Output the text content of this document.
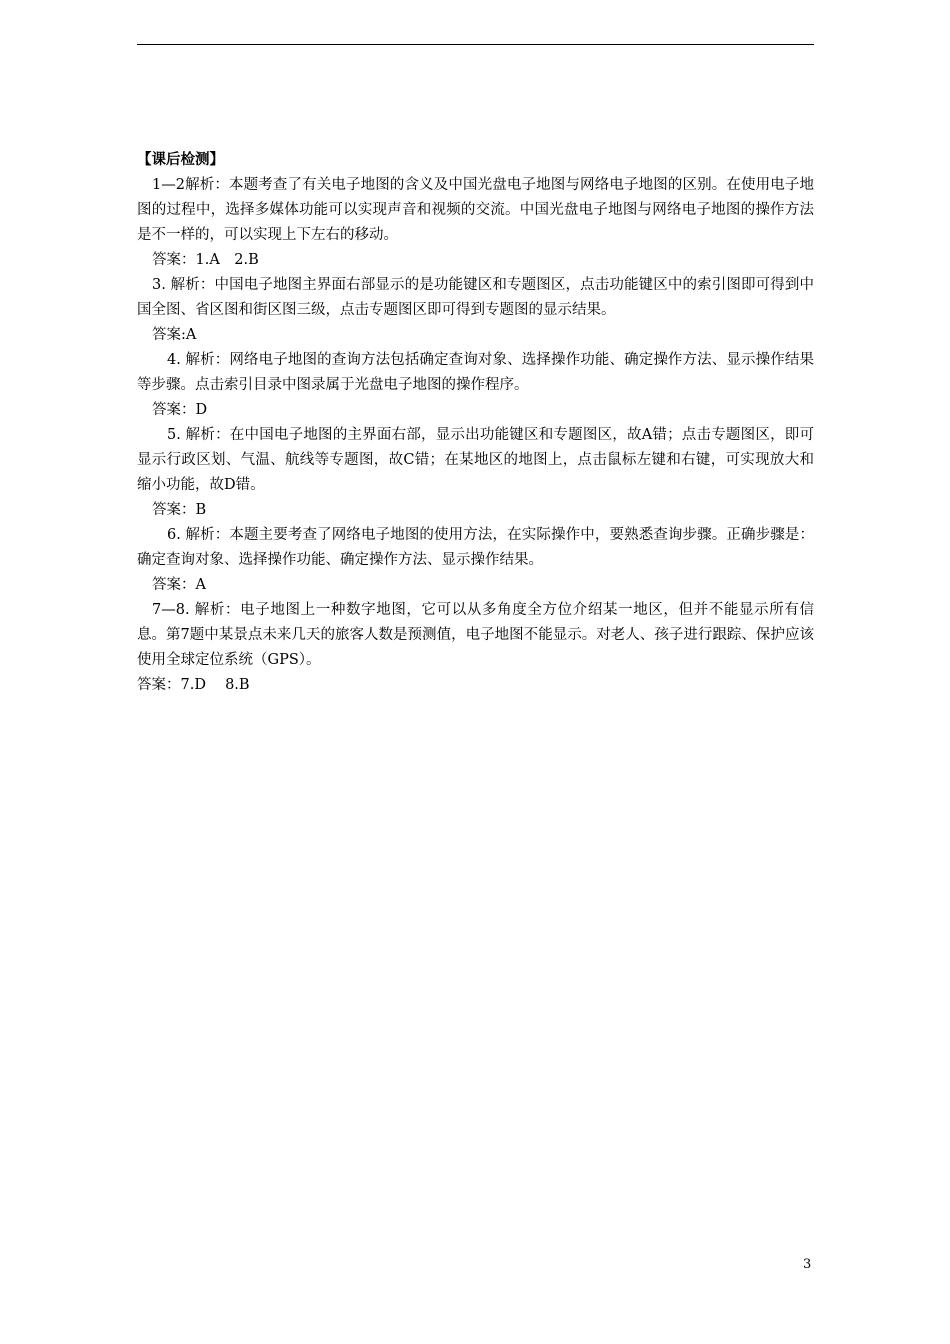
【课后检测】

1—2解析：本题考查了有关电子地图的含义及中国光盘电子地图与网络电子地图的区别。在使用电子地图的过程中，选择多媒体功能可以实现声音和视频的交流。中国光盘电子地图与网络电子地图的操作方法是不一样的，可以实现上下左右的移动。

答案：1.A　2.B

3. 解析：中国电子地图主界面右部显示的是功能键区和专题图区，点击功能键区中的索引图即可得到中国全图、省区图和街区图三级，点击专题图区即可得到专题图的显示结果。

答案:A

4. 解析：网络电子地图的查询方法包括确定查询对象、选择操作功能、确定操作方法、显示操作结果等步骤。点击索引目录中图录属于光盘电子地图的操作程序。

答案：D

5. 解析：在中国电子地图的主界面右部，显示出功能键区和专题图区，故A错；点击专题图区，即可显示行政区划、气温、航线等专题图，故C错；在某地区的地图上，点击鼠标左键和右键，可实现放大和缩小功能，故D错。

答案：B

6. 解析：本题主要考查了网络电子地图的使用方法，在实际操作中，要熟悉查询步骤。正确步骤是：确定查询对象、选择操作功能、确定操作方法、显示操作结果。

答案：A

7—8. 解析：电子地图上一种数字地图，它可以从多角度全方位介绍某一地区，但并不能显示所有信息。第7题中某景点未来几天的旅客人数是预测值，电子地图不能显示。对老人、孩子进行跟踪、保护应该使用全球定位系统（GPS）。

答案：7.D　 8.B

3
